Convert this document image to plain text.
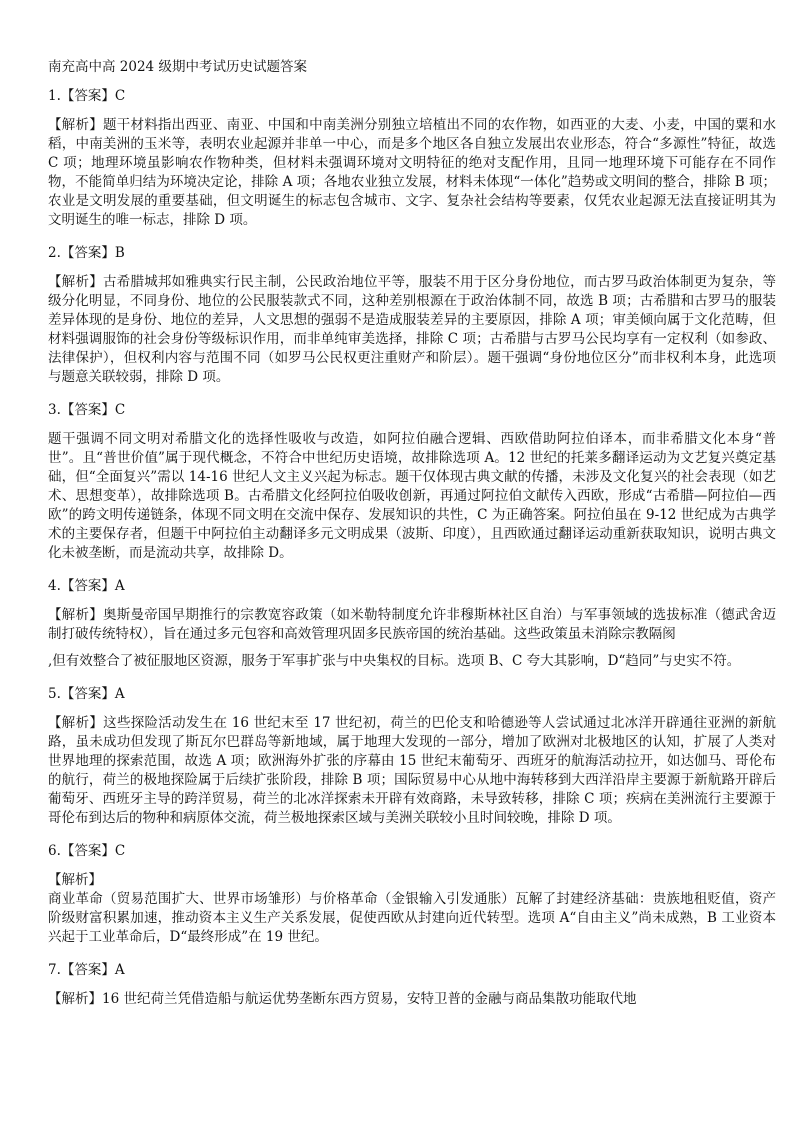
南充高中高 2024 级期中考试历史试题答案

1.【答案】C

【解析】题干材料指出西亚、南亚、中国和中南美洲分别独立培植出不同的农作物，如西亚的大麦、小麦，中国的粟和水稻，中南美洲的玉米等，表明农业起源并非单一中心，而是多个地区各自独立发展出农业形态，符合“多源性”特征，故选 C 项；地理环境虽影响农作物种类，但材料未强调环境对文明特征的绝对支配作用，且同一地理环境下可能存在不同作物，不能简单归结为环境决定论，排除 A 项；各地农业独立发展，材料未体现“一体化”趋势或文明间的整合，排除 B 项；农业是文明发展的重要基础，但文明诞生的标志包含城市、文字、复杂社会结构等要素，仅凭农业起源无法直接证明其为文明诞生的唯一标志，排除 D 项。

2.【答案】B

【解析】古希腊城邦如雅典实行民主制，公民政治地位平等，服装不用于区分身份地位，而古罗马政治体制更为复杂，等级分化明显，不同身份、地位的公民服装款式不同，这种差别根源在于政治体制不同，故选 B 项；古希腊和古罗马的服装差异体现的是身份、地位的差异，人文思想的强弱不是造成服装差异的主要原因，排除 A 项；审美倾向属于文化范畴，但材料强调服饰的社会身份等级标识作用，而非单纯审美选择，排除 C 项；古希腊与古罗马公民均享有一定权利（如参政、法律保护），但权利内容与范围不同（如罗马公民权更注重财产和阶层）。题干强调“身份地位区分”而非权利本身，此选项与题意关联较弱，排除 D 项。

3.【答案】C

题干强调不同文明对希腊文化的选择性吸收与改造，如阿拉伯融合逻辑、西欧借助阿拉伯译本，而非希腊文化本身“普世”。且“普世价值”属于现代概念，不符合中世纪历史语境，故排除选项 A。12 世纪的托莱多翻译运动为文艺复兴奠定基础，但“全面复兴”需以 14-16 世纪人文主义兴起为标志。题干仅体现古典文献的传播，未涉及文化复兴的社会表现（如艺术、思想变革），故排除选项 B。古希腊文化经阿拉伯吸收创新，再通过阿拉伯文献传入西欧，形成“古希腊—阿拉伯—西欧”的跨文明传递链条，体现不同文明在交流中保存、发展知识的共性，C 为正确答案。阿拉伯虽在 9-12 世纪成为古典学术的主要保存者，但题干中阿拉伯主动翻译多元文明成果（波斯、印度），且西欧通过翻译运动重新获取知识，说明古典文化未被垄断，而是流动共享，故排除 D。

4.【答案】A

【解析】奥斯曼帝国早期推行的宗教宽容政策（如米勒特制度允许非穆斯林社区自治）与军事领域的选拔标准（德武舍迈制打破传统特权），旨在通过多元包容和高效管理巩固多民族帝国的统治基础。这些政策虽未消除宗教隔阂

,但有效整合了被征服地区资源，服务于军事扩张与中央集权的目标。选项 B、C 夸大其影响，D“趋同”与史实不符。

5.【答案】A

【解析】这些探险活动发生在 16 世纪末至 17 世纪初，荷兰的巴伦支和哈德逊等人尝试通过北冰洋开辟通往亚洲的新航路，虽未成功但发现了斯瓦尔巴群岛等新地域，属于地理大发现的一部分，增加了欧洲对北极地区的认知，扩展了人类对世界地理的探索范围，故选 A 项；欧洲海外扩张的序幕由 15 世纪末葡萄牙、西班牙的航海活动拉开，如达伽马、哥伦布的航行，荷兰的极地探险属于后续扩张阶段，排除 B 项；国际贸易中心从地中海转移到大西洋沿岸主要源于新航路开辟后葡萄牙、西班牙主导的跨洋贸易，荷兰的北冰洋探索未开辟有效商路，未导致转移，排除 C 项；疾病在美洲流行主要源于哥伦布到达后的物种和病原体交流，荷兰极地探索区域与美洲关联较小且时间较晚，排除 D 项。

6.【答案】C

【解析】

商业革命（贸易范围扩大、世界市场雏形）与价格革命（金银输入引发通胀）瓦解了封建经济基础：贵族地租贬值，资产阶级财富积累加速，推动资本主义生产关系发展，促使西欧从封建向近代转型。选项 A“自由主义”尚未成熟，B 工业资本兴起于工业革命后，D“最终形成”在 19 世纪。

7.【答案】A

【解析】16 世纪荷兰凭借造船与航运优势垄断东西方贸易，安特卫普的金融与商品集散功能取代地
